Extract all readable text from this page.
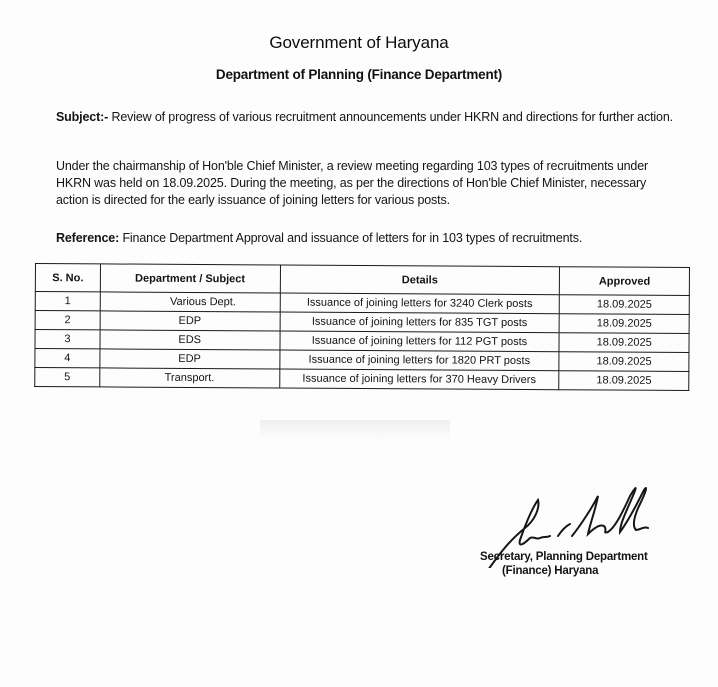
Government of Haryana
Department of Planning (Finance Department)
Subject:- Review of progress of various recruitment announcements under HKRN and directions for further action.
Under the chairmanship of Hon'ble Chief Minister, a review meeting regarding 103 types of recruitments under HKRN was held on 18.09.2025. During the meeting, as per the directions of Hon'ble Chief Minister, necessary action is directed for the early issuance of joining letters for various posts.
Reference: Finance Department Approval and issuance of letters for in 103 types of recruitments.
S. No.	Department / Subject	Details	Approved
1	Various Dept.	Issuance of joining letters for 3240 Clerk posts	18.09.2025
2	EDP	Issuance of joining letters for 835 TGT posts	18.09.2025
3	EDS	Issuance of joining letters for 112 PGT posts	18.09.2025
4	EDP	Issuance of joining letters for 1820 PRT posts	18.09.2025
5	Transport.	Issuance of joining letters for 370 Heavy Drivers	18.09.2025
Secretary, Planning Department
(Finance) Haryana
